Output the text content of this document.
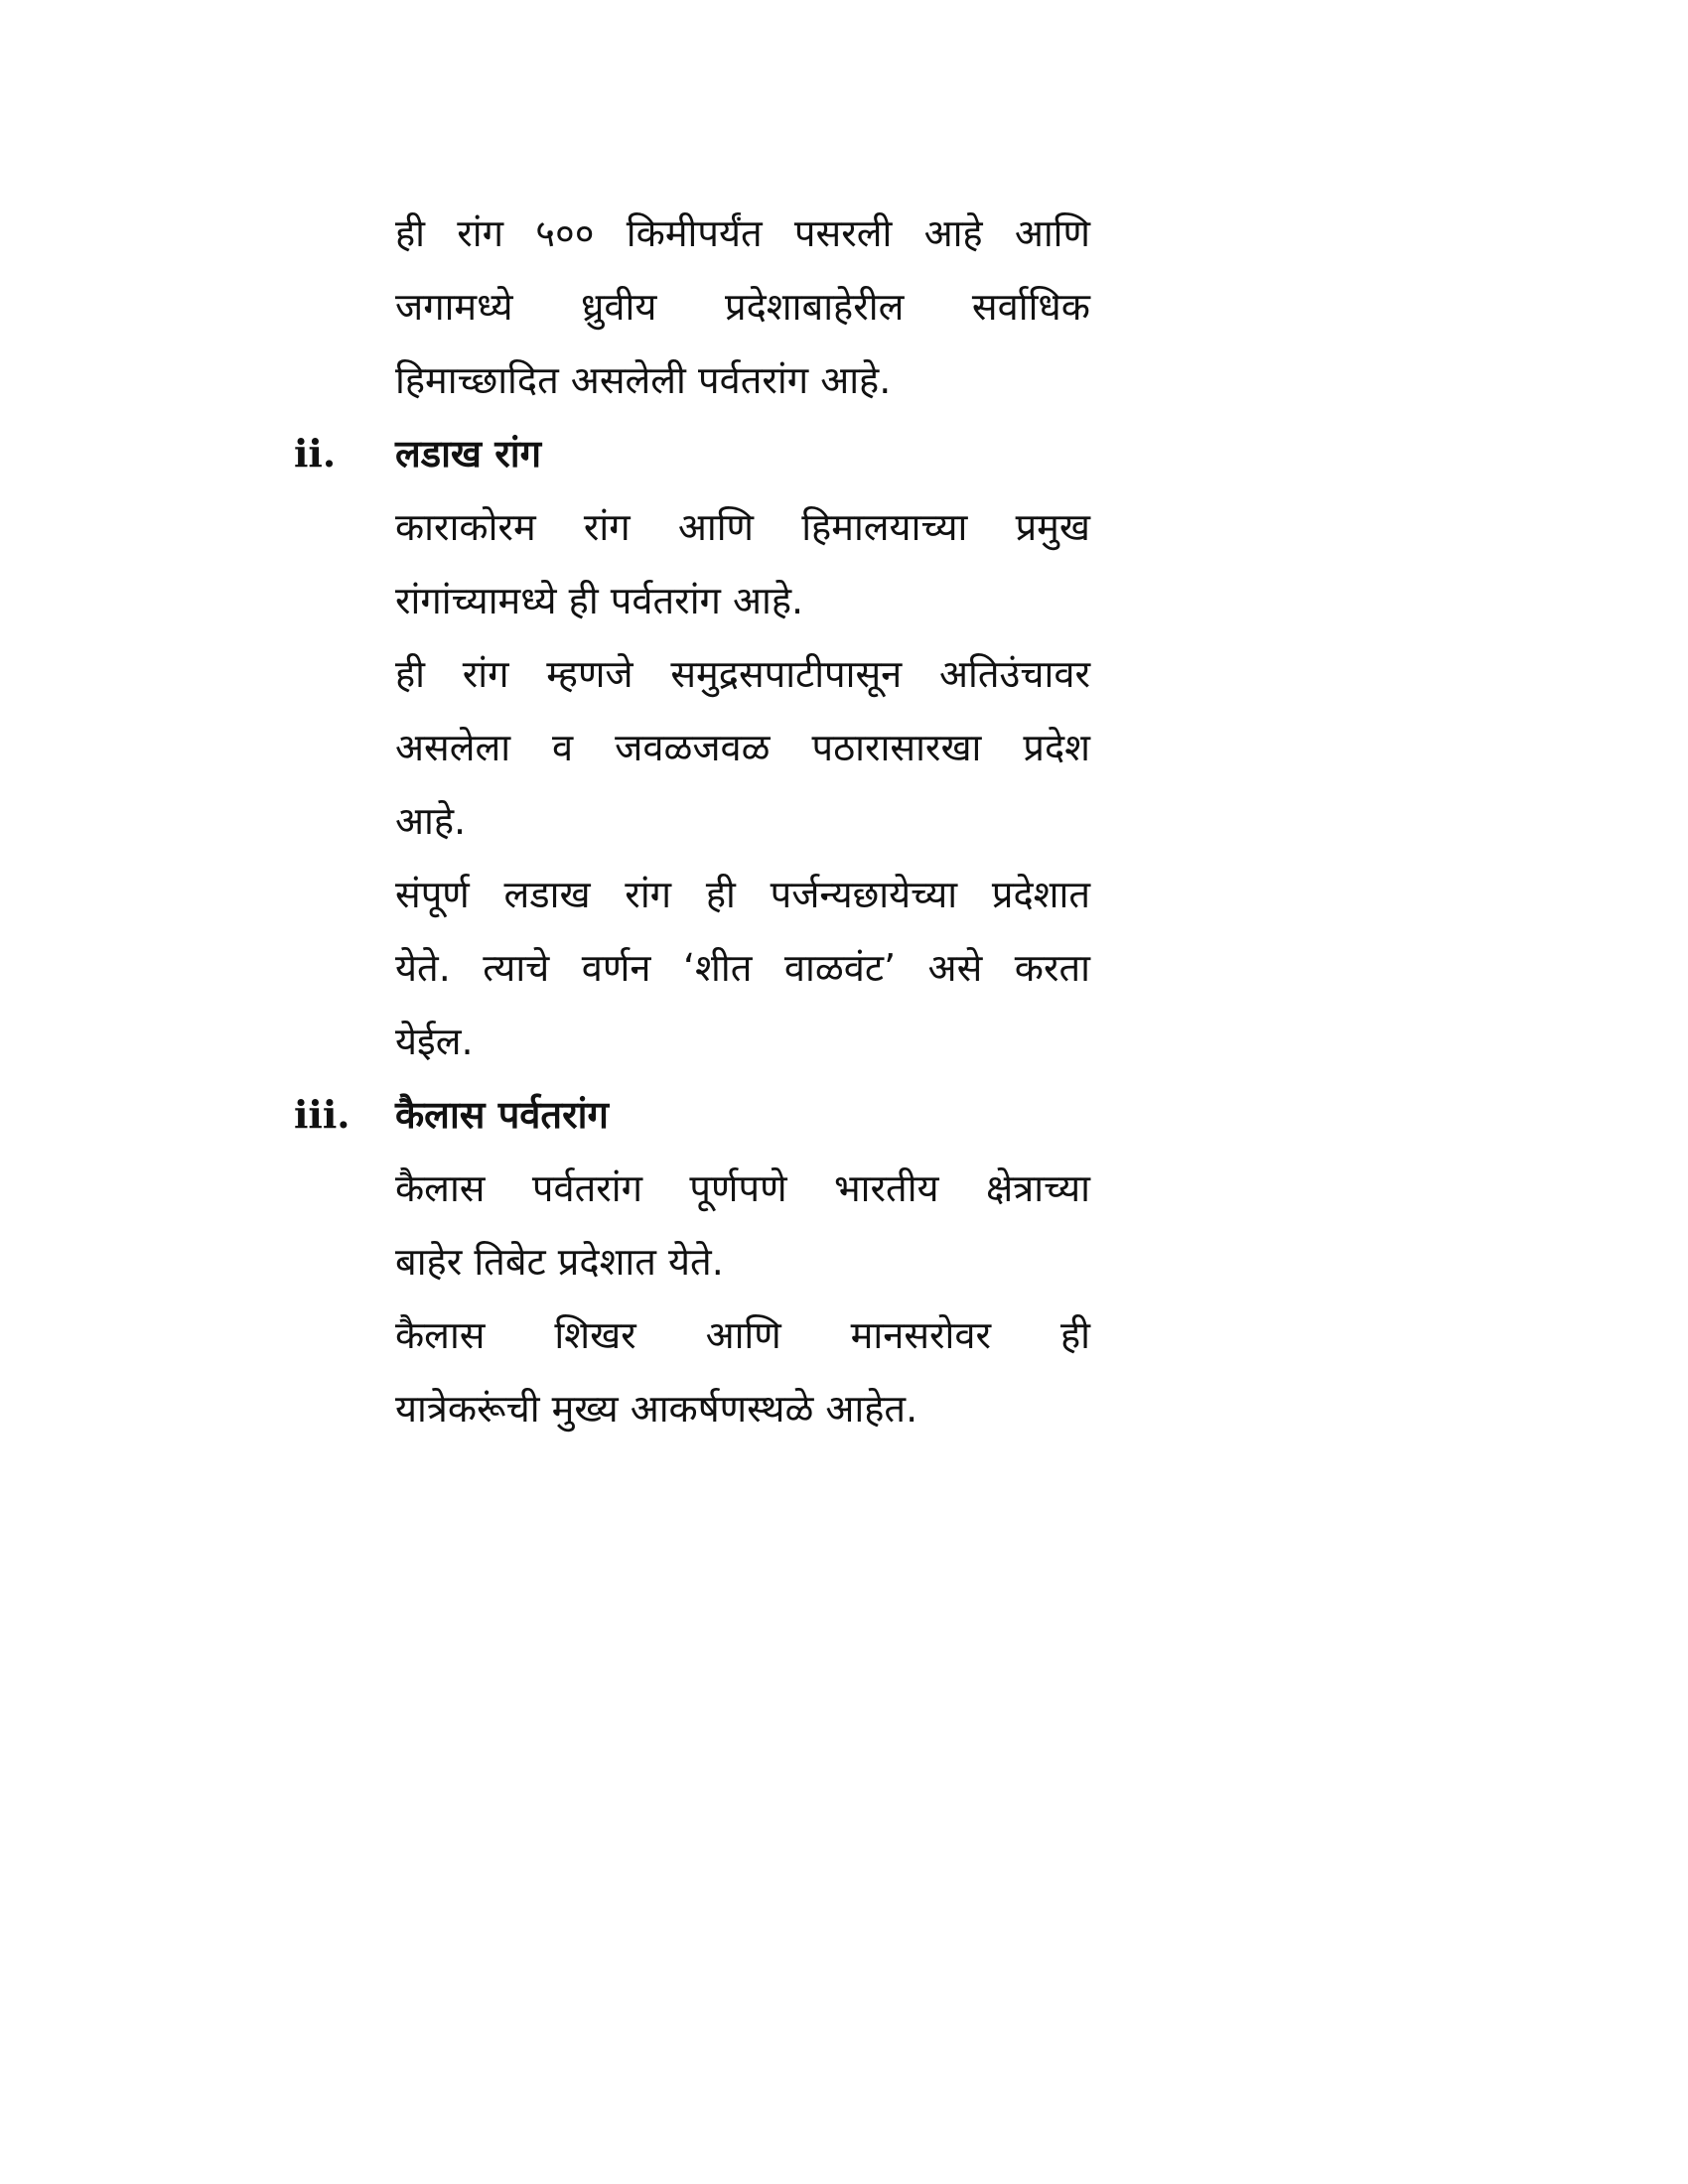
ही रांग ५०० किमीपर्यंत पसरली आहे आणि
जगामध्ये ध्रुवीय प्रदेशाबाहेरील सर्वाधिक
हिमाच्छादित असलेली पर्वतरांग आहे.
ii. लडाख रांग
काराकोरम रांग आणि हिमालयाच्या प्रमुख
रांगांच्यामध्ये ही पर्वतरांग आहे.
ही रांग म्हणजे समुद्रसपाटीपासून अतिउंचावर
असलेला व जवळजवळ पठारासारखा प्रदेश
आहे.
संपूर्ण लडाख रांग ही पर्जन्यछायेच्या प्रदेशात
येते. त्याचे वर्णन ‘शीत वाळवंट’ असे करता
येईल.
iii. कैलास पर्वतरांग
कैलास पर्वतरांग पूर्णपणे भारतीय क्षेत्राच्या
बाहेर तिबेट प्रदेशात येते.
कैलास शिखर आणि मानसरोवर ही
यात्रेकरूंची मुख्य आकर्षणस्थळे आहेत.
